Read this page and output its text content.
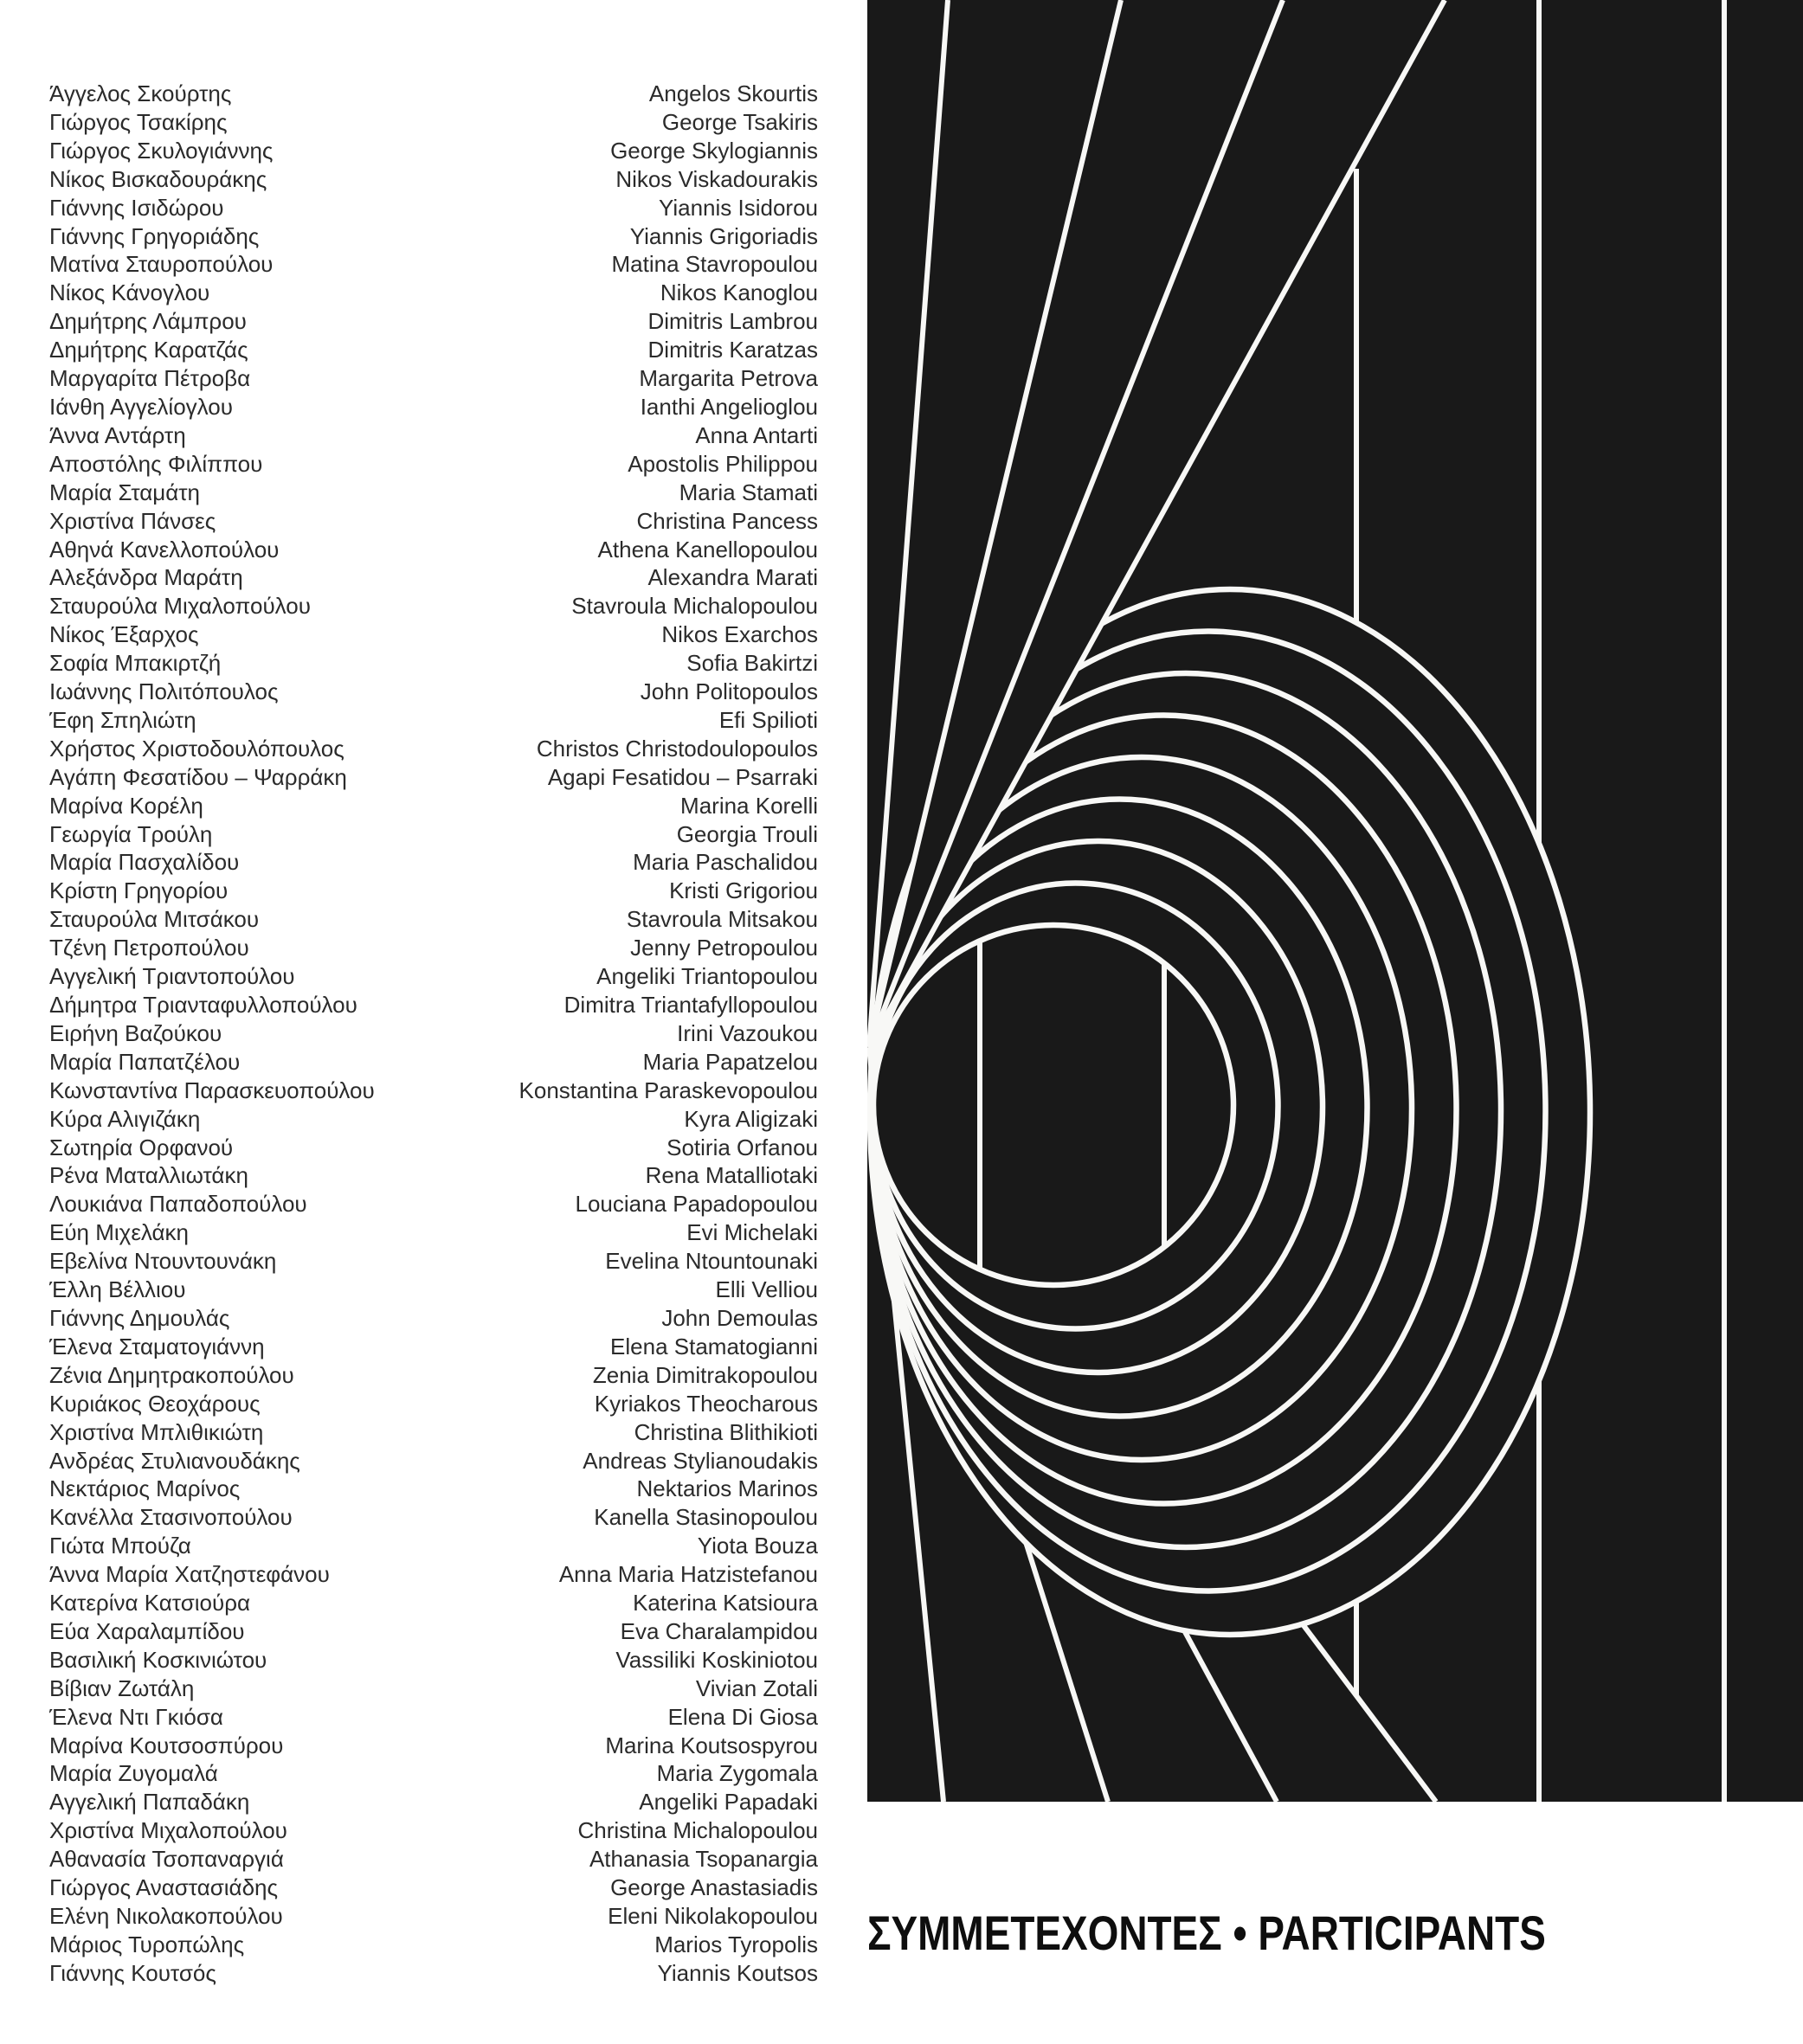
Άγγελος Σκούρτης	Angelos Skourtis
Γιώργος Τσακίρης	George Tsakiris
Γιώργος Σκυλογιάννης	George Skylogiannis
Νίκος Βισκαδουράκης	Nikos Viskadourakis
Γιάννης Ισιδώρου	Yiannis Isidorou
Γιάννης Γρηγοριάδης	Yiannis Grigoriadis
Ματίνα Σταυροπούλου	Matina Stavropoulou
Νίκος Κάνογλου	Nikos Kanoglou
Δημήτρης Λάμπρου	Dimitris Lambrou
Δημήτρης Καρατζάς	Dimitris Karatzas
Μαργαρίτα Πέτροβα	Margarita Petrova
Ιάνθη Αγγελίογλου	Ianthi Angelioglou
Άννα Αντάρτη	Anna Antarti
Αποστόλης Φιλίππου	Apostolis Philippou
Μαρία Σταμάτη	Maria Stamati
Χριστίνα Πάνσες	Christina Pancess
Αθηνά Κανελλοπούλου	Athena Kanellopoulou
Αλεξάνδρα Μαράτη	Alexandra Marati
Σταυρούλα Μιχαλοπούλου	Stavroula Michalopoulou
Νίκος Έξαρχος	Nikos Exarchos
Σοφία Μπακιρτζή	Sofia Bakirtzi
Ιωάννης Πολιτόπουλος	John Politopoulos
Έφη Σπηλιώτη	Efi Spilioti
Χρήστος Χριστοδουλόπουλος	Christos Christodoulopoulos
Αγάπη Φεσατίδου – Ψαρράκη	Agapi Fesatidou – Psarraki
Μαρίνα Κορέλη	Marina Korelli
Γεωργία Τρούλη	Georgia Trouli
Μαρία Πασχαλίδου	Maria Paschalidou
Κρίστη Γρηγορίου	Kristi Grigoriou
Σταυρούλα Μιτσάκου	Stavroula Mitsakou
Τζένη Πετροπούλου	Jenny Petropoulou
Αγγελική Τριαντοπούλου	Angeliki Triantopoulou
Δήμητρα Τριανταφυλλοπούλου	Dimitra Triantafyllopoulou
Ειρήνη Βαζούκου	Irini Vazoukou
Μαρία Παπατζέλου	Maria Papatzelou
Κωνσταντίνα Παρασκευοπούλου	Konstantina Paraskevopoulou
Κύρα Αλιγιζάκη	Kyra Aligizaki
Σωτηρία Ορφανού	Sotiria Orfanou
Ρένα Ματαλλιωτάκη	Rena Matalliotaki
Λουκιάνα Παπαδοπούλου	Louciana Papadopoulou
Εύη Μιχελάκη	Evi Michelaki
Εβελίνα Ντουντουνάκη	Evelina Ntountounaki
Έλλη Βέλλιου	Elli Velliou
Γιάννης Δημουλάς	John Demoulas
Έλενα Σταματογιάννη	Elena Stamatogianni
Ζένια Δημητρακοπούλου	Zenia Dimitrakopoulou
Κυριάκος Θεοχάρους	Kyriakos Theocharous
Χριστίνα Μπλιθικιώτη	Christina Blithikioti
Ανδρέας Στυλιανουδάκης	Andreas Stylianoudakis
Νεκτάριος Μαρίνος	Nektarios Marinos
Κανέλλα Στασινοπούλου	Kanella Stasinopoulou
Γιώτα Μπούζα	Yiota Bouza
Άννα Μαρία Χατζηστεφάνου	Anna Maria Hatzistefanou
Κατερίνα Κατσιούρα	Katerina Katsioura
Εύα Χαραλαμπίδου	Eva Charalampidou
Βασιλική Κοσκινιώτου	Vassiliki Koskiniotou
Βίβιαν Ζωτάλη	Vivian Zotali
Έλενα Ντι Γκιόσα	Elena Di Giosa
Μαρίνα Κουτσοσπύρου	Marina Koutsospyrou
Μαρία Ζυγομαλά	Maria Zygomala
Αγγελική Παπαδάκη	Angeliki Papadaki
Χριστίνα Μιχαλοπούλου	Christina Michalopoulou
Αθανασία Τσοπαναργιά	Athanasia Tsopanargia
Γιώργος Αναστασιάδης	George Anastasiadis
Ελένη Νικολακοπούλου	Eleni Nikolakopoulou
Μάριος Τυροπώλης	Marios Tyropolis
Γιάννης Κουτσός	Yiannis Koutsos
ΣΥΜΜΕΤΕΧΟΝΤΕΣ • PARTICIPANTS
